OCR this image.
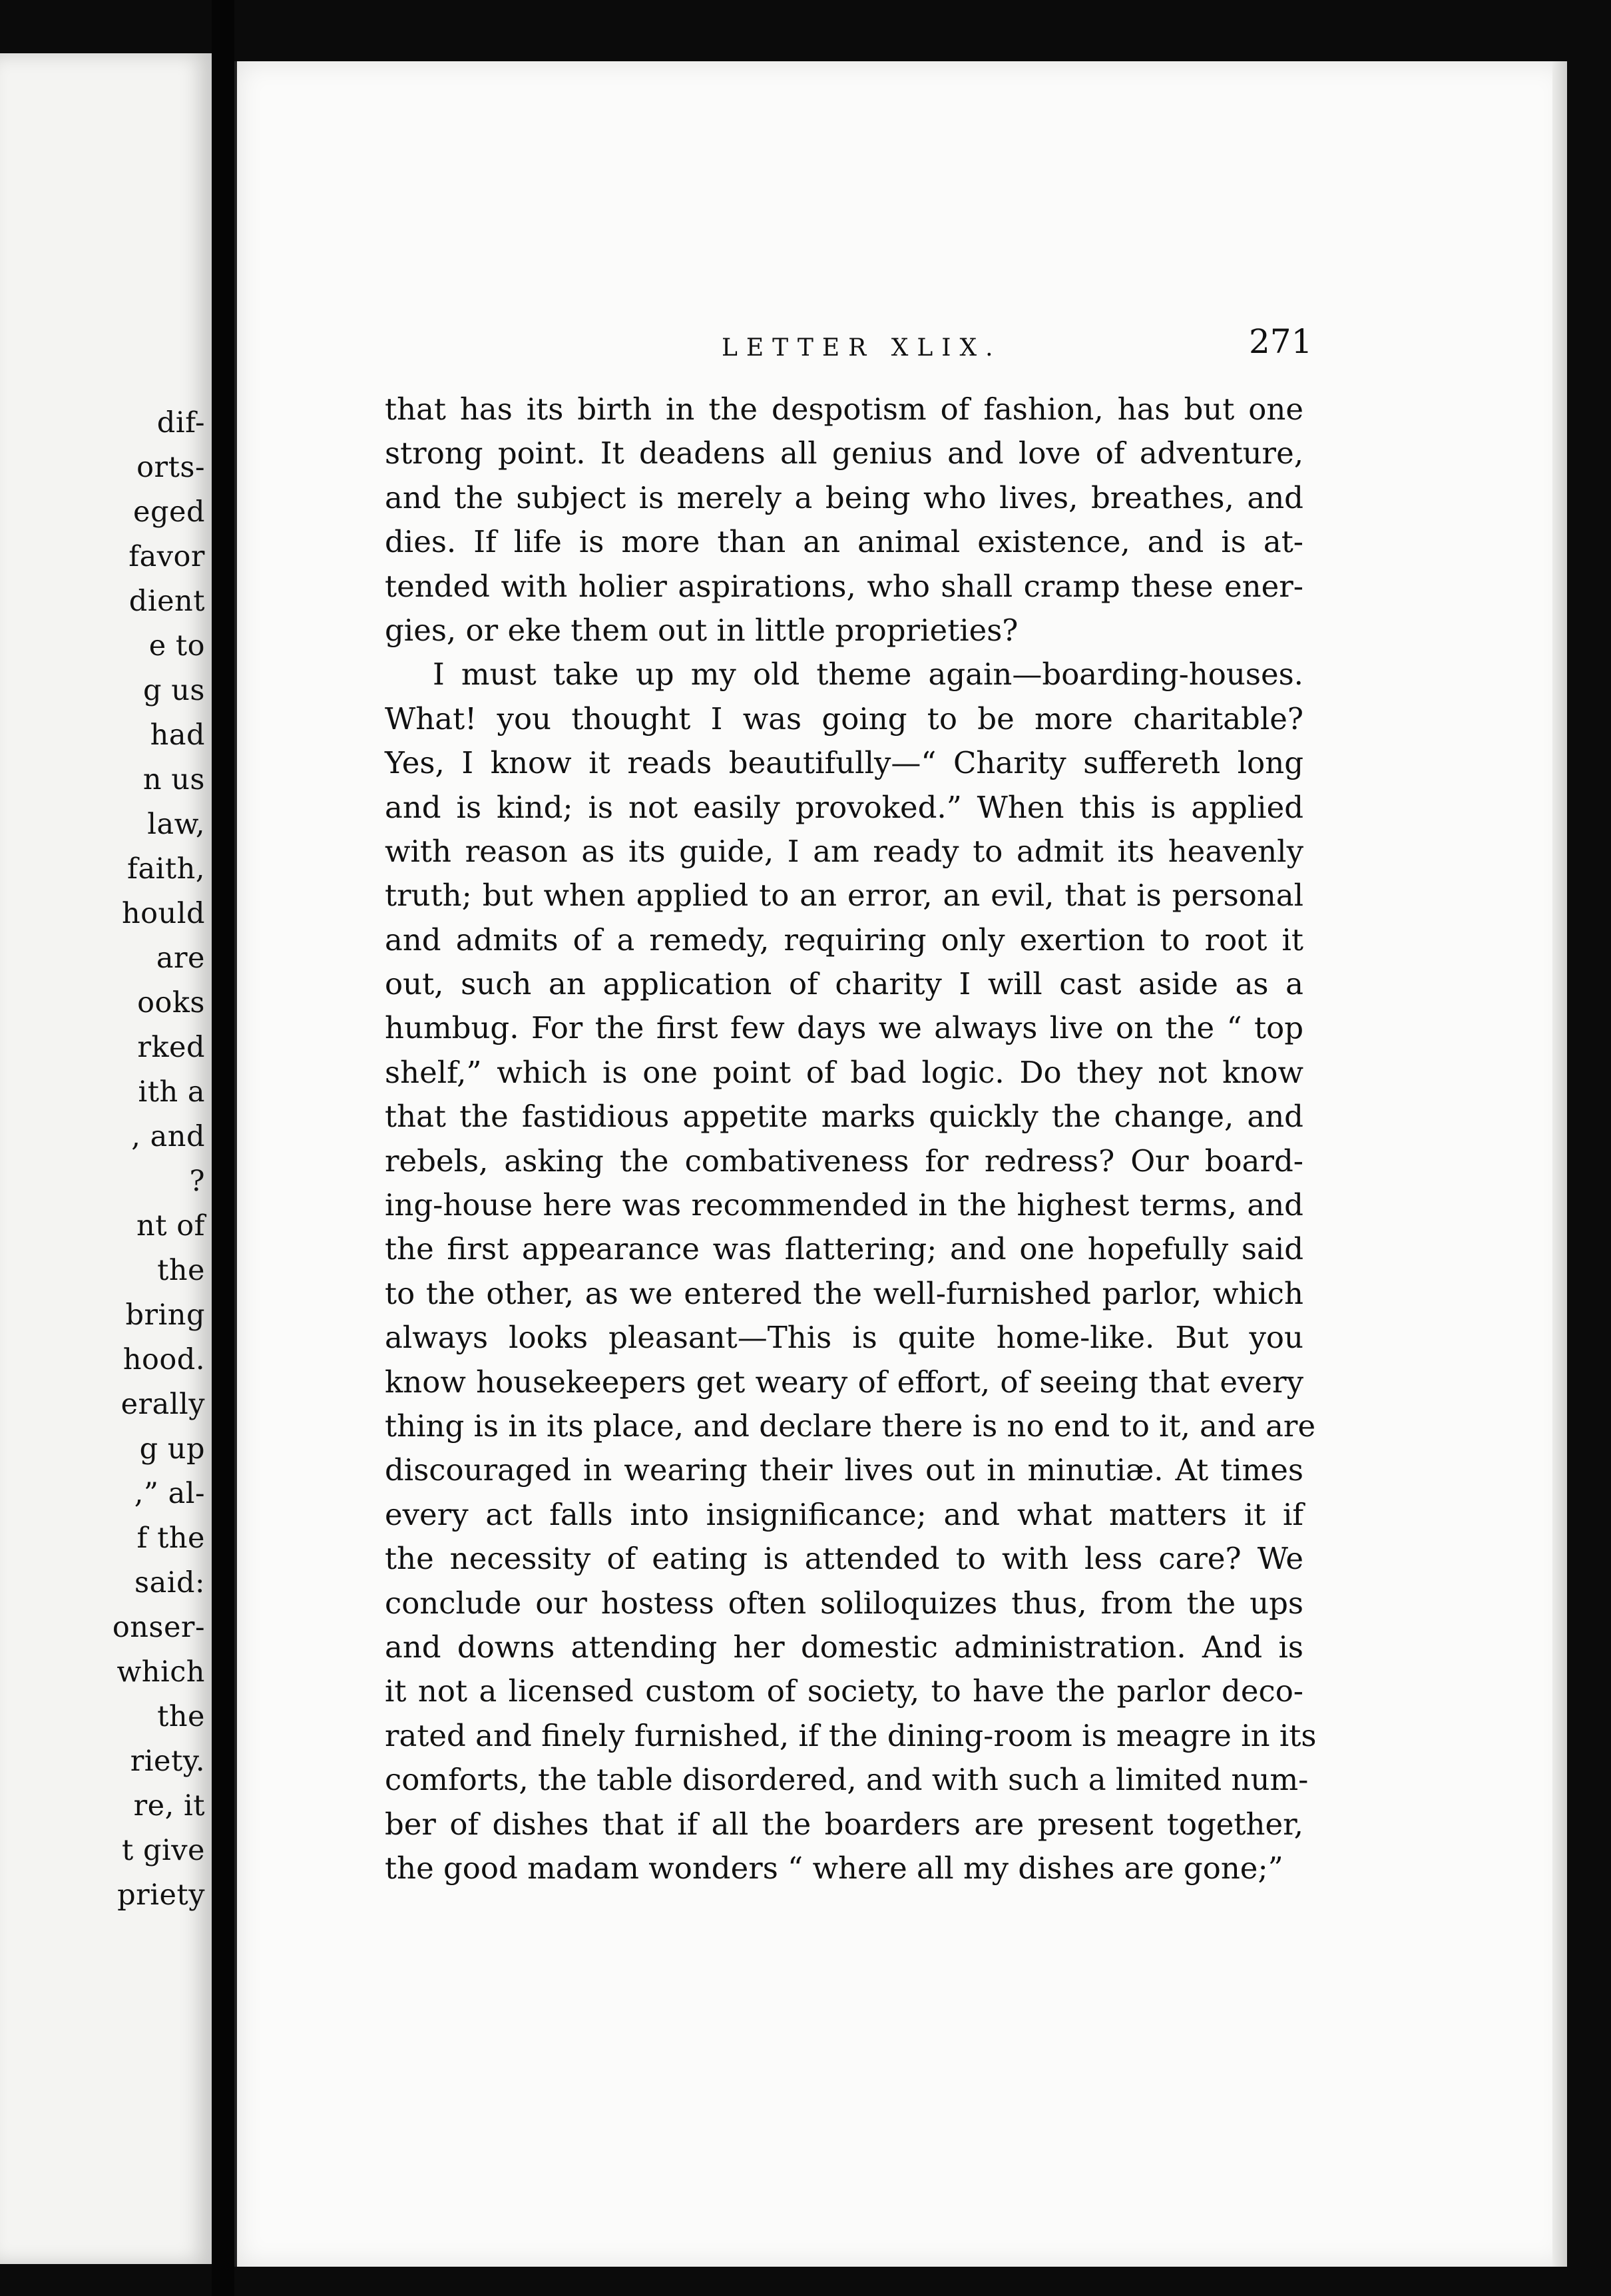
dif-
orts-
eged
favor
dient
e to
g us
had
n us
law,
faith,
hould
are
ooks
rked
ith a
, and
?
nt of
the
bring
hood.
erally
g up
,” al-
f the
said:
onser-
which
the
riety.
re, it
t give
priety
LETTER XLIX.	271
that has its birth in the despotism of fashion, has but one
strong point. It deadens all genius and love of adventure,
and the subject is merely a being who lives, breathes, and
dies. If life is more than an animal existence, and is at-
tended with holier aspirations, who shall cramp these ener-
gies, or eke them out in little proprieties?
I must take up my old theme again—boarding-houses.
What! you thought I was going to be more charitable?
Yes, I know it reads beautifully—“ Charity suffereth long
and is kind; is not easily provoked.” When this is applied
with reason as its guide, I am ready to admit its heavenly
truth; but when applied to an error, an evil, that is personal
and admits of a remedy, requiring only exertion to root it
out, such an application of charity I will cast aside as a
humbug. For the first few days we always live on the “ top
shelf,” which is one point of bad logic. Do they not know
that the fastidious appetite marks quickly the change, and
rebels, asking the combativeness for redress? Our board-
ing-house here was recommended in the highest terms, and
the first appearance was flattering; and one hopefully said
to the other, as we entered the well-furnished parlor, which
always looks pleasant—This is quite home-like. But you
know housekeepers get weary of effort, of seeing that every
thing is in its place, and declare there is no end to it, and are
discouraged in wearing their lives out in minutiæ. At times
every act falls into insignificance; and what matters it if
the necessity of eating is attended to with less care? We
conclude our hostess often soliloquizes thus, from the ups
and downs attending her domestic administration. And is
it not a licensed custom of society, to have the parlor deco-
rated and finely furnished, if the dining-room is meagre in its
comforts, the table disordered, and with such a limited num-
ber of dishes that if all the boarders are present together,
the good madam wonders “ where all my dishes are gone;”
